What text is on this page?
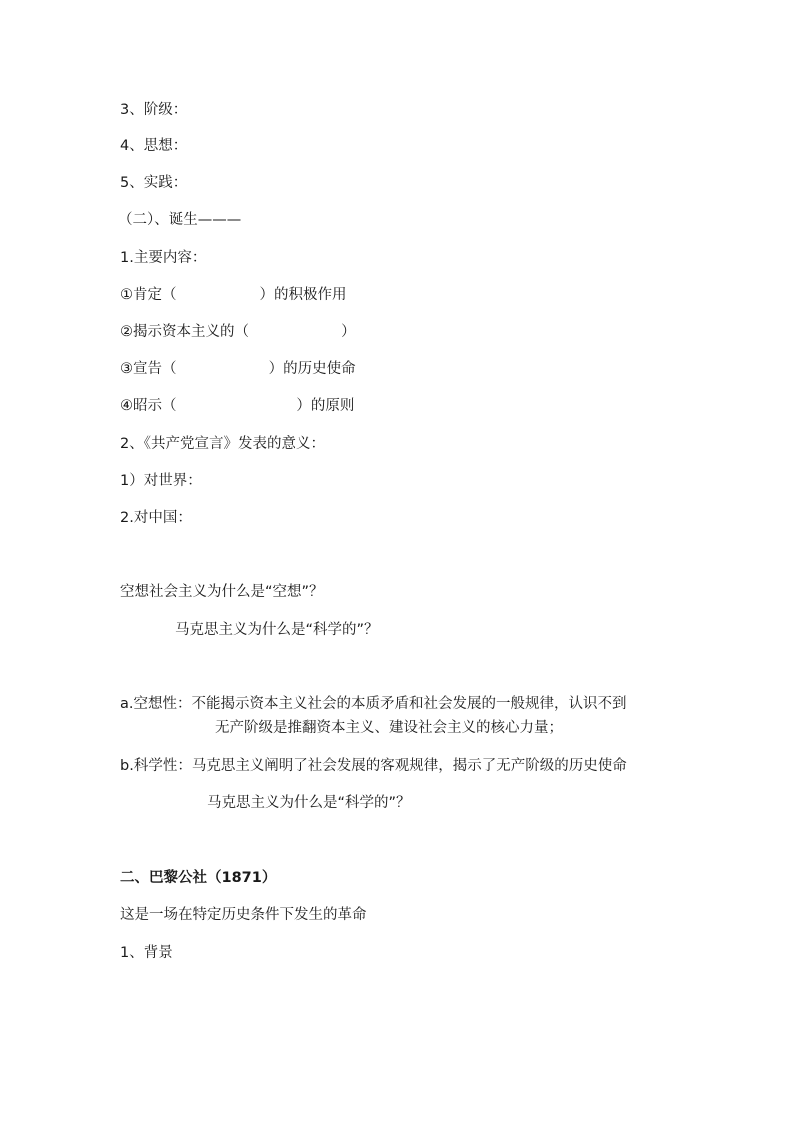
3、阶级：
4、思想：
5、实践：
（二）、诞生———
1.主要内容：
①肯定（                  ）的积极作用
②揭示资本主义的（                    ）
③宣告（                    ）的历史使命
④昭示（                          ）的原则
2、《共产党宣言》发表的意义：
1）对世界：
2.对中国：
空想社会主义为什么是“空想”？
马克思主义为什么是“科学的”？
a.空想性：不能揭示资本主义社会的本质矛盾和社会发展的一般规律，认识不到
无产阶级是推翻资本主义、建设社会主义的核心力量；
b.科学性：马克思主义阐明了社会发展的客观规律，揭示了无产阶级的历史使命
马克思主义为什么是“科学的”？
二、巴黎公社（1871）
这是一场在特定历史条件下发生的革命
1、背景
